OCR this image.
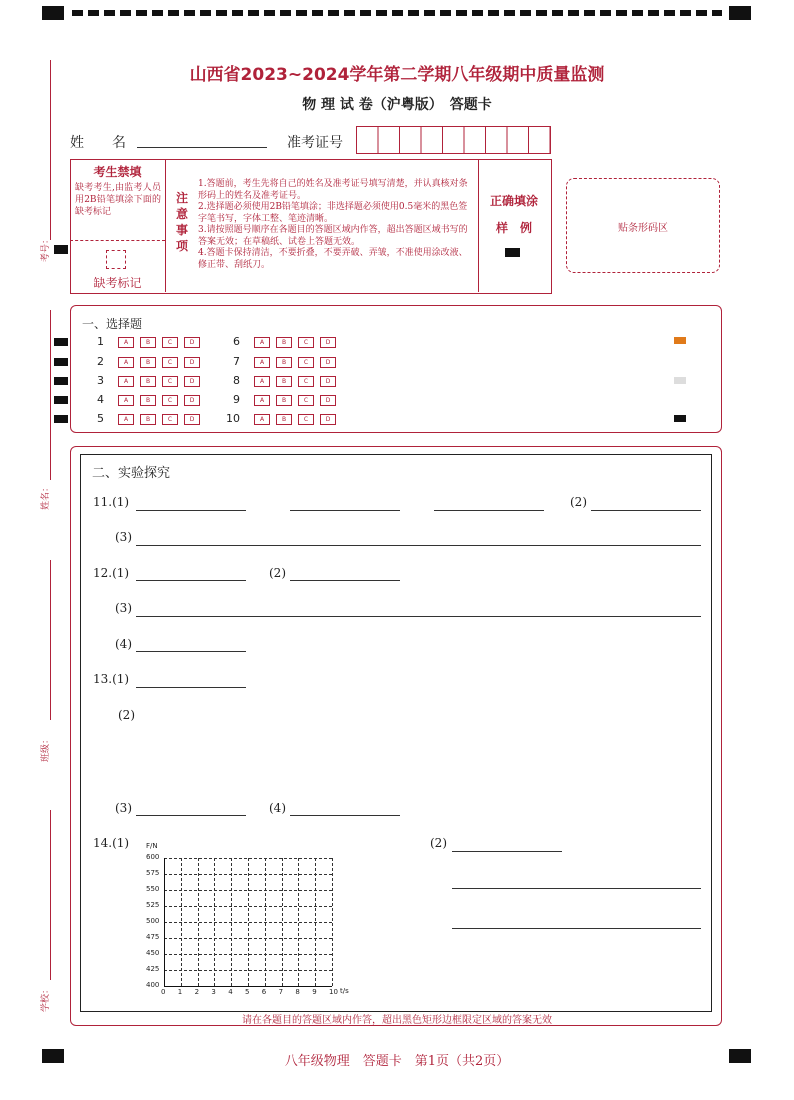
山西省2023~2024学年第二学期八年级期中质量监测
物 理 试 卷（沪粤版）　答题卡
考号：
姓名：
班级：
学校：
姓　　名	准考证号
考生禁填
缺考考生,由监考人员用2B铅笔填涂下面的缺考标记
缺考标记
注意事项
1.答题前，考生先将自己的姓名及准考证号填写清楚，并认真核对条形码上的姓名及准考证号。
2.选择题必须使用2B铅笔填涂；非选择题必须使用0.5毫米的黑色签字笔书写，字体工整、笔迹清晰。
3.请按照题号顺序在各题目的答题区域内作答，超出答题区域书写的答案无效；在草稿纸、试卷上答题无效。
4.答题卡保持清洁，不要折叠，不要弄破、弄皱，不准使用涂改液、修正带、刮纸刀。
正确填涂
样　例	贴条形码区
一、选择题
1	A	B	C	D
2	A	B	C	D
3	A	B	C	D
4	A	B	C	D
5	A	B	C	D
6	A	B	C	D
7	A	B	C	D
8	A	B	C	D
9	A	B	C	D
10	A	B	C	D
二、实验探究
11.(1)	(2)
(3)
12.(1)	(2)
(3)
(4)
13.(1)
(2)
(3)	(4)
14.(1)	(2)
F/N
t/s
400
425
450
475
500
525
550
575
600
0 1 2 3 4 5 6 7 8 9 10
请在各题目的答题区域内作答，超出黑色矩形边框限定区域的答案无效
八年级物理　答题卡　第1页（共2页）
